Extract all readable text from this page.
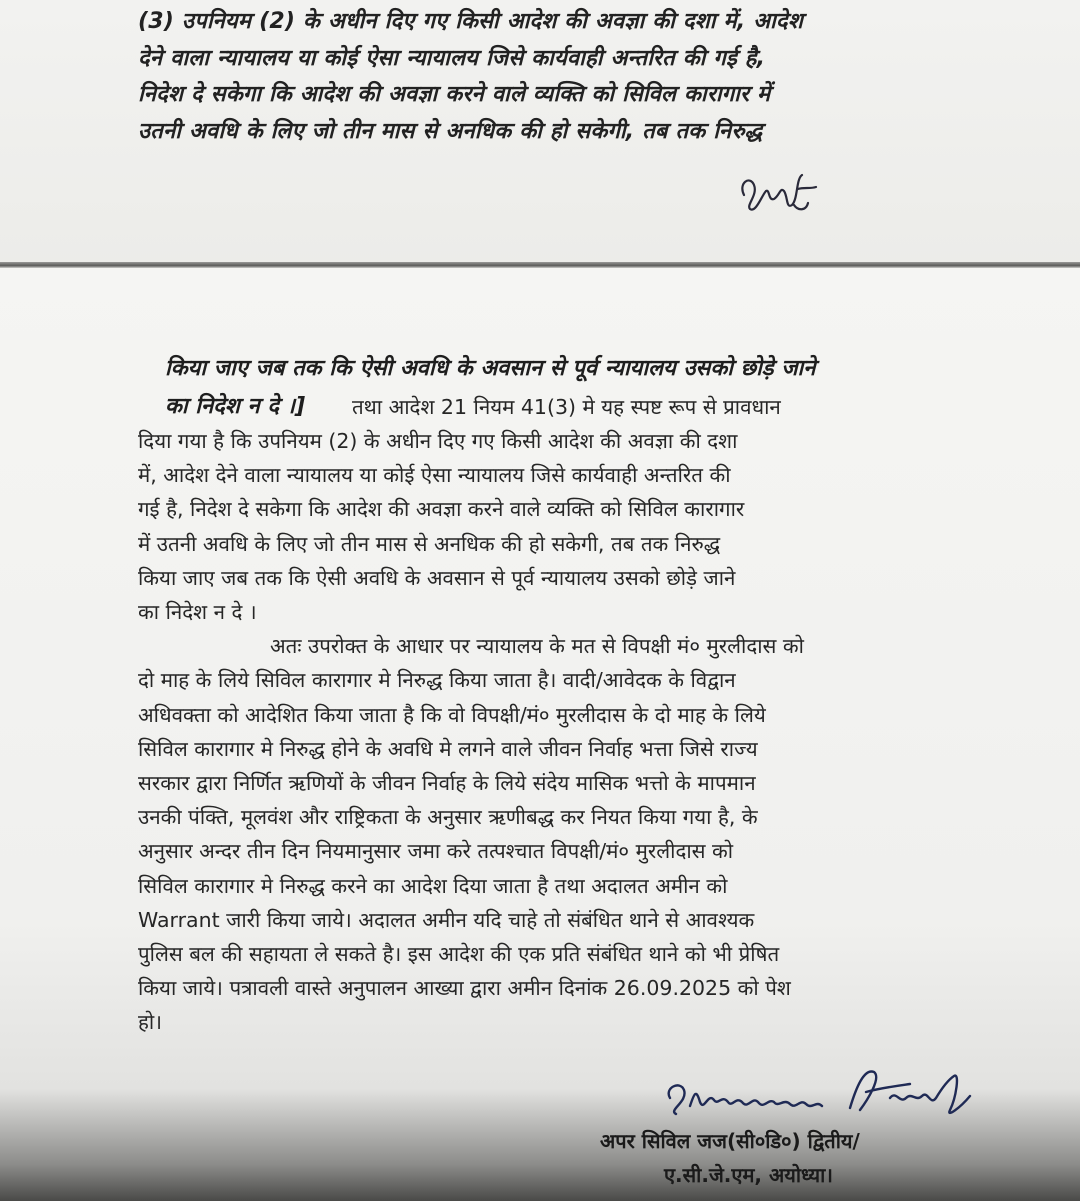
(3) उपनियम (2) के अधीन दिए गए किसी आदेश की अवज्ञा की दशा में, आदेश

देने वाला न्यायालय या कोई ऐसा न्यायालय जिसे कार्यवाही अन्तरित की गई है,

निदेश दे सकेगा कि आदेश की अवज्ञा करने वाले व्यक्ति को सिविल कारागार में

उतनी अवधि के लिए जो तीन मास से अनधिक की हो सकेगी, तब तक निरुद्ध

किया जाए जब तक कि ऐसी अवधि के अवसान से पूर्व न्यायालय उसको छोड़े जाने

का निदेश न दे ।]	तथा आदेश 21 नियम 41(3) मे यह स्पष्ट रूप से प्रावधान

दिया गया है कि उपनियम (2) के अधीन दिए गए किसी आदेश की अवज्ञा की दशा

में, आदेश देने वाला न्यायालय या कोई ऐसा न्यायालय जिसे कार्यवाही अन्तरित की

गई है, निदेश दे सकेगा कि आदेश की अवज्ञा करने वाले व्यक्ति को सिविल कारागार

में उतनी अवधि के लिए जो तीन मास से अनधिक की हो सकेगी, तब तक निरुद्ध

किया जाए जब तक कि ऐसी अवधि के अवसान से पूर्व न्यायालय उसको छोड़े जाने

का निदेश न दे ।

अतः उपरोक्त के आधार पर न्यायालय के मत से विपक्षी मं० मुरलीदास को

दो माह के लिये सिविल कारागार मे निरुद्ध किया जाता है। वादी/आवेदक के विद्वान

अधिवक्ता को आदेशित किया जाता है कि वो विपक्षी/मं० मुरलीदास के दो माह के लिये

सिविल कारागार मे निरुद्ध होने के अवधि मे लगने वाले जीवन निर्वाह भत्ता जिसे राज्य

सरकार द्वारा निर्णित ऋणियों के जीवन निर्वाह के लिये संदेय मासिक भत्तो के मापमान

उनकी पंक्ति, मूलवंश और राष्ट्रिकता के अनुसार ऋणीबद्ध कर नियत किया गया है, के

अनुसार अन्दर तीन दिन नियमानुसार जमा करे तत्पश्चात विपक्षी/मं० मुरलीदास को

सिविल कारागार मे निरुद्ध करने का आदेश दिया जाता है तथा अदालत अमीन को

Warrant जारी किया जाये। अदालत अमीन यदि चाहे तो संबंधित थाने से आवश्यक

पुलिस बल की सहायता ले सकते है। इस आदेश की एक प्रति संबंधित थाने को भी प्रेषित

किया जाये। पत्रावली वास्ते अनुपालन आख्या द्वारा अमीन दिनांक 26.09.2025 को पेश

हो।

अपर सिविल जज(सी०डि०) द्वितीय/

ए.सी.जे.एम, अयोध्या।
